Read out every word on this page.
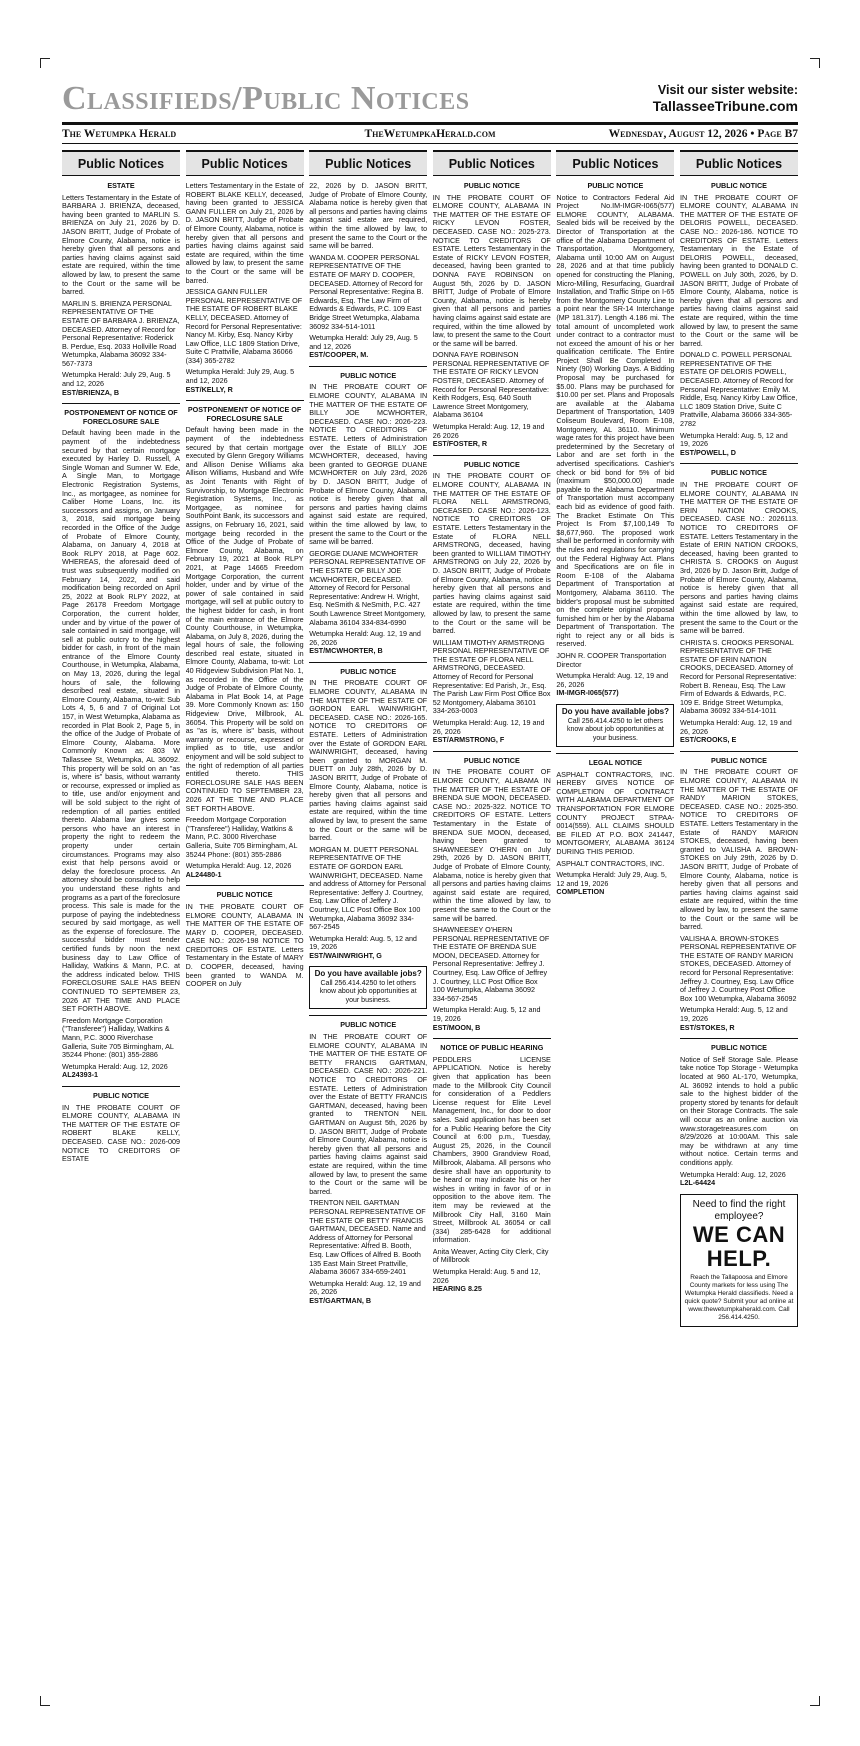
Classifieds/Public Notices	Visit our sister website:
TallasseeTribune.com
The Wetumpka Herald	TheWetumpkaHerald.com	Wednesday, August 12, 2026 • Page B7
Public Notices
ESTATE

Letters Testamentary in the Estate of BARBARA J. BRIENZA, deceased, having been granted to MARLIN S. BRIENZA on July 21, 2026 by D. JASON BRITT, Judge of Probate of Elmore County, Alabama, notice is hereby given that all persons and parties having claims against said estate are required, within the time allowed by law, to present the same to the Court or the same will be barred.

MARLIN S. BRIENZA PERSONAL REPRESENTATIVE OF THE ESTATE OF BARBARA J. BRIENZA, DECEASED. Attorney of Record for Personal Representative: Roderick B. Perdue, Esq. 2033 Hollville Road Wetumpka, Alabama 36092 334-567-7373
Wetumpka Herald: July 29, Aug. 5 and 12, 2026
EST/BRIENZA, B
POSTPONEMENT OF NOTICE OF FORECLOSURE SALE

Default having been made in the payment of the indebtedness secured by that certain mortgage executed by Harley D. Russell, A Single Woman and Sumner W. Ede, A Single Man, to Mortgage Electronic Registration Systems, Inc., as mortgagee, as nominee for Caliber Home Loans, Inc. its successors and assigns, on January 3, 2018, said mortgage being recorded in the Office of the Judge of Probate of Elmore County, Alabama, on January 4, 2018 at Book RLPY 2018, at Page 602. WHEREAS, the aforesaid deed of trust was subsequently modified on February 14, 2022, and said modification being recorded on April 25, 2022 at Book RLPY 2022, at Page 26178 Freedom Mortgage Corporation, the current holder, under and by virtue of the power of sale contained in said mortgage, will sell at public outcry to the highest bidder for cash, in front of the main entrance of the Elmore County Courthouse, in Wetumpka, Alabama, on May 13, 2026, during the legal hours of sale, the following described real estate, situated in Elmore County, Alabama, to-wit: Sub Lots 4, 5, 6 and 7 of Original Lot 157, in West Wetumpka, Alabama as recorded in Plat Book 2, Page 5, in the office of the Judge of Probate of Elmore County, Alabama. More Commonly Known as: 803 W Tallassee St, Wetumpka, AL 36092. This property will be sold on an "as is, where is" basis, without warranty or recourse, expressed or implied as to title, use and/or enjoyment and will be sold subject to the right of redemption of all parties entitled thereto. Alabama law gives some persons who have an interest in property the right to redeem the property under certain circumstances. Programs may also exist that help persons avoid or delay the foreclosure process. An attorney should be consulted to help you understand these rights and programs as a part of the foreclosure process. This sale is made for the purpose of paying the indebtedness secured by said mortgage, as well as the expense of foreclosure. The successful bidder must tender certified funds by noon the next business day to Law Office of Halliday, Watkins & Mann, P.C. at the address indicated below. THIS FORECLOSURE SALE HAS BEEN CONTINUED TO SEPTEMBER 23, 2026 AT THE TIME AND PLACE SET FORTH ABOVE.

Freedom Mortgage Corporation ("Transferee") Halliday, Watkins & Mann, P.C. 3000 Riverchase Galleria, Suite 705 Birmingham, AL 35244 Phone: (801) 355-2886
Wetumpka Herald: Aug. 12, 2026
AL24393-1
PUBLIC NOTICE

IN THE PROBATE COURT OF ELMORE COUNTY, ALABAMA IN THE MATTER OF THE ESTATE OF ROBERT BLAKE KELLY, DECEASED. CASE NO.: 2026-009 NOTICE TO CREDITORS OF ESTATE

Public Notices

Letters Testamentary in the Estate of ROBERT BLAKE KELLY, deceased, having been granted to JESSICA GANN FULLER on July 21, 2026 by D. JASON BRITT, Judge of Probate of Elmore County, Alabama, notice is hereby given that all persons and parties having claims against said estate are required, within the time allowed by law, to present the same to the Court or the same will be barred.

JESSICA GANN FULLER PERSONAL REPRESENTATIVE OF THE ESTATE OF ROBERT BLAKE KELLY, DECEASED. Attorney of Record for Personal Representative: Nancy M. Kirby, Esq. Nancy Kirby Law Office, LLC 1809 Station Drive, Suite C Prattville, Alabama 36066 (334) 365-2782
Wetumpka Herald: July 29, Aug. 5 and 12, 2026
EST/KELLY, R
POSTPONEMENT OF NOTICE OF FORECLOSURE SALE

Default having been made in the payment of the indebtedness secured by that certain mortgage executed by Glenn Gregory Williams and Allison Denise Williams aka Allison Williams, Husband and Wife as Joint Tenants with Right of Survivorship, to Mortgage Electronic Registration Systems, Inc., as Mortgagee, as nominee for SouthPoint Bank, its successors and assigns, on February 16, 2021, said mortgage being recorded in the Office of the Judge of Probate of Elmore County, Alabama, on February 19, 2021 at Book RLPY 2021, at Page 14665 Freedom Mortgage Corporation, the current holder, under and by virtue of the power of sale contained in said mortgage, will sell at public outcry to the highest bidder for cash, in front of the main entrance of the Elmore County Courthouse, in Wetumpka, Alabama, on July 8, 2026, during the legal hours of sale, the following described real estate, situated in Elmore County, Alabama, to-wit: Lot 40 Ridgeview Subdivision Plat No. 1, as recorded in the Office of the Judge of Probate of Elmore County, Alabama in Plat Book 14, at Page 39. More Commonly Known as: 150 Ridgeview Drive, Millbrook, AL 36054. This Property will be sold on as "as is, where is" basis, without warranty or recourse, expressed or implied as to title, use and/or enjoyment and will be sold subject to the right of redemption of all parties entitled thereto. THIS FORECLOSURE SALE HAS BEEN CONTINUED TO SEPTEMBER 23, 2026 AT THE TIME AND PLACE SET FORTH ABOVE.

Freedom Mortgage Corporation ("Transferee") Halliday, Watkins & Mann, P.C. 3000 Riverchase Galleria, Suite 705 Birmingham, AL 35244 Phone: (801) 355-2886
Wetumpka Herald: Aug. 12, 2026
AL24480-1
PUBLIC NOTICE

IN THE PROBATE COURT OF ELMORE COUNTY, ALABAMA IN THE MATTER OF THE ESTATE OF MARY D. COOPER, DECEASED. CASE NO.: 2026-198 NOTICE TO CREDITORS OF ESTATE. Letters Testamentary in the Estate of MARY D. COOPER, deceased, having been granted to WANDA M. COOPER on July

Public Notices

22, 2026 by D. JASON BRITT, Judge of Probate of Elmore County, Alabama notice is hereby given that all persons and parties having claims against said estate are required, within the time allowed by law, to present the same to the Court or the same will be barred.

WANDA M. COOPER PERSONAL REPRESENTATIVE OF THE ESTATE OF MARY D. COOPER, DECEASED. Attorney of Record for Personal Representative: Regina B. Edwards, Esq. The Law Firm of Edwards & Edwards, P.C. 109 East Bridge Street Wetumpka, Alabama 36092 334-514-1011
Wetumpka Herald: July 29, Aug. 5 and 12, 2026
EST/COOPER, M.
PUBLIC NOTICE

IN THE PROBATE COURT OF ELMORE COUNTY, ALABAMA IN THE MATTER OF THE ESTATE OF BILLY JOE MCWHORTER, DECEASED. CASE NO.: 2026-223. NOTICE TO CREDITORS OF ESTATE. Letters of Administration over the Estate of BILLY JOE MCWHORTER, deceased, having been granted to GEORGE DUANE MCWHORTER on July 23rd, 2026 by D. JASON BRITT, Judge of Probate of Elmore County, Alabama, notice is hereby given that all persons and parties having claims against said estate are required, within the time allowed by law, to present the same to the Court or the same will be barred.

GEORGE DUANE MCWHORTER PERSONAL REPRESENTATIVE OF THE ESTATE OF BILLY JOE MCWHORTER, DECEASED. Attorney of Record for Personal Representative: Andrew H. Wright, Esq. NeSmith & NeSmith, P.C. 427 South Lawrence Street Montgomery, Alabama 36104 334-834-6990
Wetumpka Herald: Aug. 12, 19 and 26, 2026
EST/MCWHORTER, B
PUBLIC NOTICE

IN THE PROBATE COURT OF ELMORE COUNTY, ALABAMA IN THE MATTER OF THE ESTATE OF GORDON EARL WAINWRIGHT, DECEASED. CASE NO.: 2026-165. NOTICE TO CREDITORS OF ESTATE. Letters of Administration over the Estate of GORDON EARL WAINWRIGHT, deceased, having been granted to MORGAN M. DUETT on July 28th, 2026 by D. JASON BRITT, Judge of Probate of Elmore County, Alabama, notice is hereby given that all persons and parties having claims against said estate are required, within the time allowed by law, to present the same to the Court or the same will be barred.

MORGAN M. DUETT PERSONAL REPRESENTATIVE OF THE ESTATE OF GORDON EARL WAINWRIGHT, DECEASED. Name and address of Attorney for Personal Representative: Jeffery J. Courtney, Esq. Law Office of Jeffery J. Courtney, LLC Post Office Box 100 Wetumpka, Alabama 36092 334-567-2545
Wetumpka Herald: Aug. 5, 12 and 19, 2026
EST/WAINWRIGHT, G
Do you have available jobs?
Call 256.414.4250 to let others know about job opportunities at your business.
PUBLIC NOTICE

IN THE PROBATE COURT OF ELMORE COUNTY, ALABAMA IN THE MATTER OF THE ESTATE OF BETTY FRANCIS GARTMAN, DECEASED. CASE NO.: 2026-221. NOTICE TO CREDITORS OF ESTATE. Letters of Administration over the Estate of BETTY FRANCIS GARTMAN, deceased, having been granted to TRENTON NEIL GARTMAN on August 5th, 2026 by D. JASON BRITT, Judge of Probate of Elmore County, Alabama, notice is hereby given that all persons and parties having claims against said estate are required, within the time allowed by law, to present the same to the Court or the same will be barred.

TRENTON NEIL GARTMAN PERSONAL REPRESENTATIVE OF THE ESTATE OF BETTY FRANCIS GARTMAN, DECEASED. Name and Address of Attorney for Personal Representative: Alfred B. Booth, Esq. Law Offices of Alfred B. Booth 135 East Main Street Prattville, Alabama 36067 334-659-2401
Wetumpka Herald: Aug. 12, 19 and 26, 2026
EST/GARTMAN, B
Public Notices
PUBLIC NOTICE

IN THE PROBATE COURT OF ELMORE COUNTY, ALABAMA IN THE MATTER OF THE ESTATE OF RICKY LEVON FOSTER, DECEASED. CASE NO.: 2025-273. NOTICE TO CREDITORS OF ESTATE. Letters Testamentary in the Estate of RICKY LEVON FOSTER, deceased, having been granted to DONNA FAYE ROBINSON on August 5th, 2026 by D. JASON BRITT, Judge of Probate of Elmore County, Alabama, notice is hereby given that all persons and parties having claims against said estate are required, within the time allowed by law, to present the same to the Court or the same will be barred.

DONNA FAYE ROBINSON PERSONAL REPRESENTATIVE OF THE ESTATE OF RICKY LEVON FOSTER, DECEASED. Attorney of Record for Personal Representative: Keith Rodgers, Esq. 640 South Lawrence Street Montgomery, Alabama 36104
Wetumpka Herald: Aug. 12, 19 and 26 2026
EST/FOSTER, R
PUBLIC NOTICE

IN THE PROBATE COURT OF ELMORE COUNTY, ALABAMA IN THE MATTER OF THE ESTATE OF FLORA NELL ARMSTRONG, DECEASED. CASE NO.: 2026-123. NOTICE TO CREDITORS OF ESTATE. Letters Testamentary in the Estate of FLORA NELL ARMSTRONG, deceased, having been granted to WILLIAM TIMOTHY ARMSTRONG on July 22, 2026 by D. JASON BRITT, Judge of Probate of Elmore County, Alabama, notice is hereby given that all persons and parties having claims against said estate are required, within the time allowed by law, to present the same to the Court or the same will be barred.

WILLIAM TIMOTHY ARMSTRONG PERSONAL REPRESENTATIVE OF THE ESTATE OF FLORA NELL ARMSTRONG, DECEASED. Attorney of Record for Personal Representative: Ed Parish, Jr., Esq. The Parish Law Firm Post Office Box 52 Montgomery, Alabama 36101 334-263-0003
Wetumpka Herald: Aug. 12, 19 and 26, 2026
EST/ARMSTRONG, F
PUBLIC NOTICE

IN THE PROBATE COURT OF ELMORE COUNTY, ALABAMA IN THE MATTER OF THE ESTATE OF BRENDA SUE MOON, DECEASED. CASE NO.: 2025-322. NOTICE TO CREDITORS OF ESTATE. Letters Testamentary in the Estate of BRENDA SUE MOON, deceased, having been granted to SHAWNEESEY O'HERN on July 29th, 2026 by D. JASON BRITT, Judge of Probate of Elmore County, Alabama, notice is hereby given that all persons and parties having claims against said estate are required, within the time allowed by law, to present the same to the Court or the same will be barred.

SHAWNEESEY O'HERN PERSONAL REPRESENTATIVE OF THE ESTATE OF BRENDA SUE MOON, DECEASED. Attorney for Personal Representative: Jeffrey J. Courtney, Esq. Law Office of Jeffrey J. Courtney, LLC Post Office Box 100 Wetumpka, Alabama 36092 334-567-2545
Wetumpka Herald: Aug. 5, 12 and 19, 2026
EST/MOON, B
NOTICE OF PUBLIC HEARING

PEDDLERS LICENSE APPLICATION. Notice is hereby given that application has been made to the Millbrook City Council for consideration of a Peddlers License request for Elite Level Management, Inc., for door to door sales. Said application has been set for a Public Hearing before the City Council at 6:00 p.m., Tuesday, August 25, 2026, in the Council Chambers, 3900 Grandview Road, Millbrook, Alabama. All persons who desire shall have an opportunity to be heard or may indicate his or her wishes in writing in favor of or in opposition to the above item. The item may be reviewed at the Millbrook City Hall, 3160 Main Street, Millbrook AL 36054 or call (334) 285-6428 for additional information.

Anita Weaver, Acting City Clerk, City of Millbrook
Wetumpka Herald: Aug. 5 and 12, 2026
HEARING 8.25
Public Notices
PUBLIC NOTICE

Notice to Contractors Federal Aid Project No.IM-IMGR-I065(577) ELMORE COUNTY, ALABAMA. Sealed bids will be received by the Director of Transportation at the office of the Alabama Department of Transportation, Montgomery, Alabama until 10:00 AM on August 28, 2026 and at that time publicly opened for constructing the Planing, Micro-Milling, Resurfacing, Guardrail Installation, and Traffic Stripe on I-65 from the Montgomery County Line to a point near the SR-14 Interchange (MP 181.317). Length 4.186 mi. The total amount of uncompleted work under contract to a contractor must not exceed the amount of his or her qualification certificate. The Entire Project Shall Be Completed In Ninety (90) Working Days. A Bidding Proposal may be purchased for $5.00. Plans may be purchased for $10.00 per set. Plans and Proposals are available at the Alabama Department of Transportation, 1409 Coliseum Boulevard, Room E-108, Montgomery, AL 36110. Minimum wage rates for this project have been predetermined by the Secretary of Labor and are set forth in the advertised specifications. Cashier's check or bid bond for 5% of bid (maximum $50,000.00) made payable to the Alabama Department of Transportation must accompany each bid as evidence of good faith. The Bracket Estimate On This Project Is From $7,100,149 To $8,677,960. The proposed work shall be performed in conformity with the rules and regulations for carrying out the Federal Highway Act. Plans and Specifications are on file in Room E-108 of the Alabama Department of Transportation at Montgomery, Alabama 36110. The bidder's proposal must be submitted on the complete original proposal furnished him or her by the Alabama Department of Transportation. The right to reject any or all bids is reserved.

JOHN R. COOPER Transportation Director
Wetumpka Herald: Aug. 12, 19 and 26, 2026
IM-IMGR-I065(577)
Do you have available jobs?
Call 256.414.4250 to let others know about job opportunities at your business.
LEGAL NOTICE

ASPHALT CONTRACTORS, INC. HEREBY GIVES NOTICE OF COMPLETION OF CONTRACT WITH ALABAMA DEPARTMENT OF TRANSPORTATION FOR ELMORE COUNTY PROJECT STPAA-0014(559). ALL CLAIMS SHOULD BE FILED AT P.O. BOX 241447, MONTGOMERY, ALABAMA 36124 DURING THIS PERIOD.

ASPHALT CONTRACTORS, INC.
Wetumpka Herald: July 29, Aug. 5, 12 and 19, 2026
COMPLETION
Public Notices
PUBLIC NOTICE

IN THE PROBATE COURT OF ELMORE COUNTY, ALABAMA IN THE MATTER OF THE ESTATE OF DELORIS POWELL, DECEASED. CASE NO.: 2026-186. NOTICE TO CREDITORS OF ESTATE. Letters Testamentary in the Estate of DELORIS POWELL, deceased, having been granted to DONALD C. POWELL on July 30th, 2026, by D. JASON BRITT, Judge of Probate of Elmore County, Alabama, notice is hereby given that all persons and parties having claims against said estate are required, within the time allowed by law, to present the same to the Court or the same will be barred.

DONALD C. POWELL PERSONAL REPRESENTATIVE OF THE ESTATE OF DELORIS POWELL, DECEASED. Attorney of Record for Personal Representative: Emily M. Riddle, Esq. Nancy Kirby Law Office, LLC 1809 Station Drive, Suite C Prattville, Alabama 36066 334-365-2782
Wetumpka Herald: Aug. 5, 12 and 19, 2026
EST/POWELL, D
PUBLIC NOTICE

IN THE PROBATE COURT OF ELMORE COUNTY, ALABAMA IN THE MATTER OF THE ESTATE OF ERIN NATION CROOKS, DECEASED. CASE NO.: 2026113. NOTICE TO CREDITORS OF ESTATE. Letters Testamentary in the Estate of ERIN NATION CROOKS, deceased, having been granted to CHRISTA S. CROOKS on August 3rd, 2026 by D. Jason Britt, Judge of Probate of Elmore County, Alabama, notice is hereby given that all persons and parties having claims against said estate are required, within the time allowed by law, to present the same to the Court or the same will be barred.

CHRISTA S. CROOKS PERSONAL REPRESENTATIVE OF THE ESTATE OF ERIN NATION CROOKS, DECEASED. Attorney of Record for Personal Representative: Robert B. Reneau, Esq. The Law Firm of Edwards & Edwards, P.C. 109 E. Bridge Street Wetumpka, Alabama 36092 334-514-1011
Wetumpka Herald: Aug. 12, 19 and 26, 2026
EST/CROOKS, E
PUBLIC NOTICE

IN THE PROBATE COURT OF ELMORE COUNTY, ALABAMA IN THE MATTER OF THE ESTATE OF RANDY MARION STOKES, DECEASED. CASE NO.: 2025-350. NOTICE TO CREDITORS OF ESTATE. Letters Testamentary in the Estate of RANDY MARION STOKES, deceased, having been granted to VALISHA A. BROWN-STOKES on July 29th, 2026 by D. JASON BRITT, Judge of Probate of Elmore County, Alabama, notice is hereby given that all persons and parties having claims against said estate are required, within the time allowed by law, to present the same to the Court or the same will be barred.

VALISHA A. BROWN-STOKES PERSONAL REPRESENTATIVE OF THE ESTATE OF RANDY MARION STOKES, DECEASED. Attorney of record for Personal Representative: Jeffrey J. Courtney, Esq. Law Office of Jeffrey J. Courtney Post Office Box 100 Wetumpka, Alabama 36092
Wetumpka Herald: Aug. 5, 12 and 19, 2026
EST/STOKES, R
PUBLIC NOTICE

Notice of Self Storage Sale. Please take notice Top Storage - Wetumpka located at 960 AL-170, Wetumpka, AL 36092 intends to hold a public sale to the highest bidder of the property stored by tenants for default on their Storage Contracts. The sale will occur as an online auction via www.storagetreasures.com on 8/29/2026 at 10:00AM. This sale may be withdrawn at any time without notice. Certain terms and conditions apply.

Wetumpka Herald: Aug. 12, 2026
L2L-64424
Need to find the right employee?
WE CAN HELP.
Reach the Tallapoosa and Elmore County markets for less using The Wetumpka Herald classifieds. Need a quick quote? Submit your ad online at www.thewetumpkaherald.com. Call 256.414.4250.
